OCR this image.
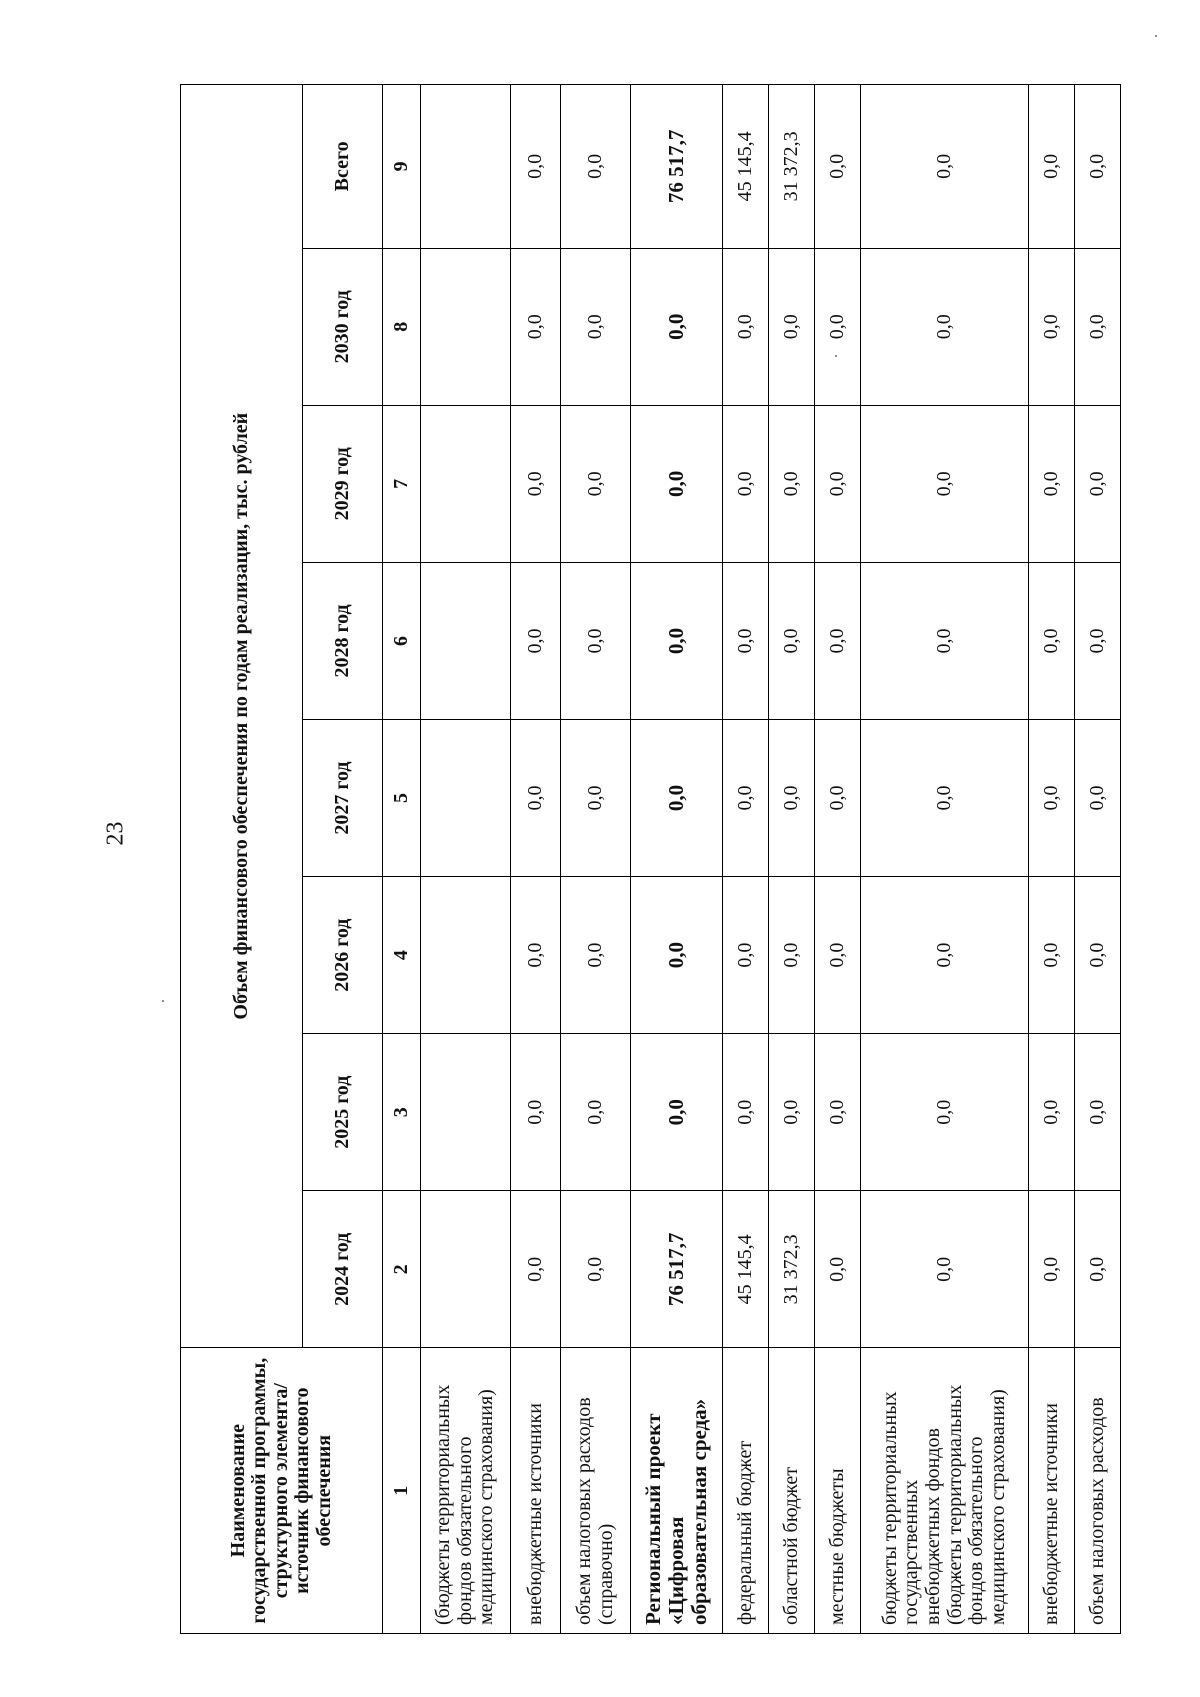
23
Наименование государственной программы, структурного элемента/источник финансового обеспечения	Объем финансового обеспечения по годам реализации, тыс. рублей							
	2024 год	2025 год	2026 год	2027 год	2028 год	2029 год	2030 год	Всего
1	2	3	4	5	6	7	8	9
(бюджеты территориальных фондов обязательного медицинского страхования)								
внебюджетные источники	0,0	0,0	0,0	0,0	0,0	0,0	0,0	0,0
объем налоговых расходов (справочно)	0,0	0,0	0,0	0,0	0,0	0,0	0,0	0,0
Региональный проект «Цифровая образовательная среда»	76 517,7	0,0	0,0	0,0	0,0	0,0	0,0	76 517,7
федеральный бюджет	45 145,4	0,0	0,0	0,0	0,0	0,0	0,0	45 145,4
областной бюджет	31 372,3	0,0	0,0	0,0	0,0	0,0	0,0	31 372,3
местные бюджеты	0,0	0,0	0,0	0,0	0,0	0,0	0,0	0,0
бюджеты территориальных государственных внебюджетных фондов (бюджеты территориальных фондов обязательного медицинского страхования)	0,0	0,0	0,0	0,0	0,0	0,0	0,0	0,0
внебюджетные источники	0,0	0,0	0,0	0,0	0,0	0,0	0,0	0,0
объем налоговых расходов	0,0	0,0	0,0	0,0	0,0	0,0	0,0	0,0
